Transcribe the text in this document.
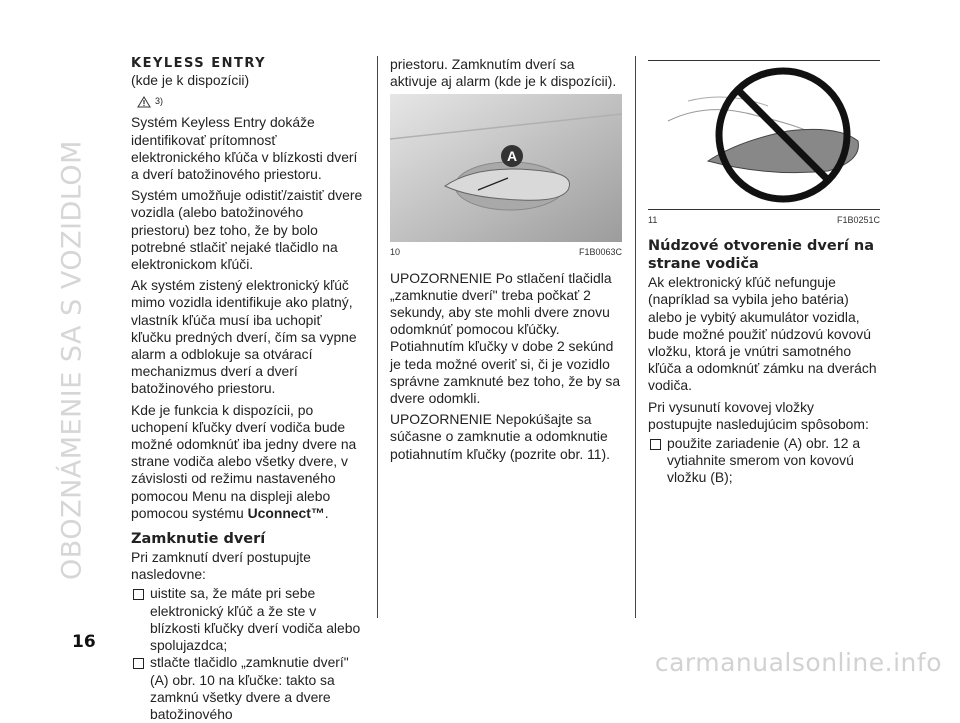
OBOZNÁMENIE SA S VOZIDLOM
16
KEYLESS ENTRY
(kde je k dispozícii)
3)

Systém Keyless Entry dokáže identifikovať prítomnosť elektronického kľúča v blízkosti dverí a dverí batožinového priestoru.

Systém umožňuje odistiť/zaistiť dvere vozidla (alebo batožinového priestoru) bez toho, že by bolo potrebné stlačiť nejaké tlačidlo na elektronickom kľúči.

Ak systém zistený elektronický kľúč mimo vozidla identifikuje ako platný, vlastník kľúča musí iba uchopiť kľučku predných dverí, čím sa vypne alarm a odblokuje sa otvárací mechanizmus dverí a dverí batožinového priestoru.

Kde je funkcia k dispozícii, po uchopení kľučky dverí vodiča bude možné odomknúť iba jedny dvere na strane vodiča alebo všetky dvere, v závislosti od režimu nastaveného pomocou Menu na displeji alebo pomocou systému Uconnect™.

Zamknutie dverí

Pri zamknutí dverí postupujte nasledovne:

uistite sa, že máte pri sebe elektronický kľúč a že ste v blízkosti kľučky dverí vodiča alebo spolujazdca;
stlačte tlačidlo „zamknutie dverí" (A) obr. 10 na kľučke: takto sa zamknú všetky dvere a dvere batožinového

priestoru. Zamknutím dverí sa aktivuje aj alarm (kde je k dispozícii).

A
10	F1B0063C

UPOZORNENIE Po stlačení tlačidla „zamknutie dverí" treba počkať 2 sekundy, aby ste mohli dvere znovu odomknúť pomocou kľúčky. Potiahnutím kľučky v dobe 2 sekúnd je teda možné overiť si, či je vozidlo správne zamknuté bez toho, že by sa dvere odomkli.

UPOZORNENIE Nepokúšajte sa súčasne o zamknutie a odomknutie potiahnutím kľučky (pozrite obr. 11).

11	F1B0251C
Núdzové otvorenie dverí na strane vodiča

Ak elektronický kľúč nefunguje (napríklad sa vybila jeho batéria) alebo je vybitý akumulátor vozidla, bude možné použiť núdzovú kovovú vložku, ktorá je vnútri samotného kľúča a odomknúť zámku na dverách vodiča.

Pri vysunutí kovovej vložky postupujte nasledujúcim spôsobom:

použite zariadenie (A) obr. 12 a vytiahnite smerom von kovovú vložku (B);
carmanualsonline.info
